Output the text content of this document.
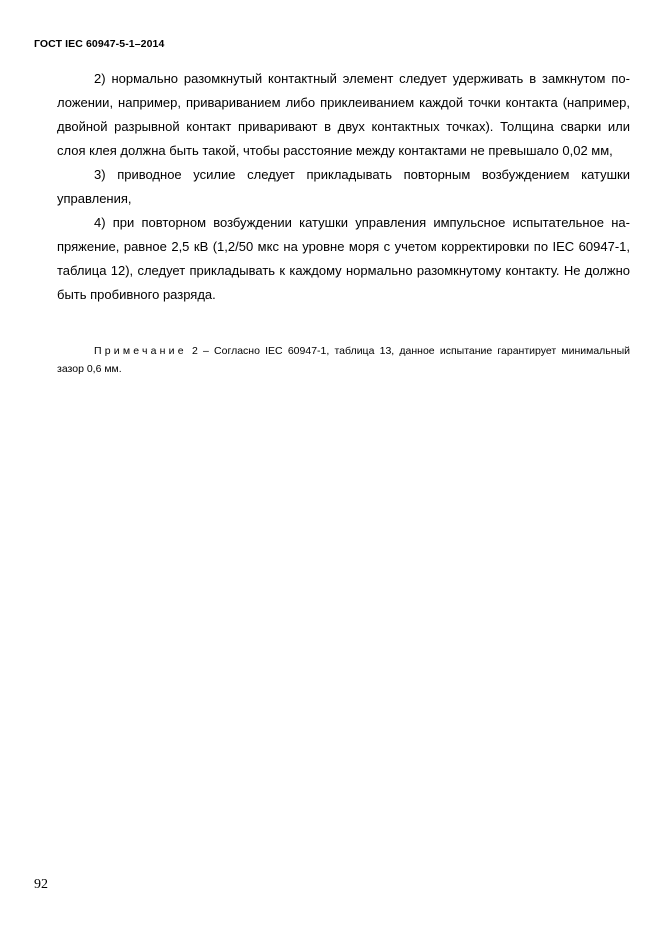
ГОСТ IEC 60947-5-1–2014

2) нормально разомкнутый контактный элемент следует удерживать в замкнутом положении, например, привариванием либо приклеиванием каждой точки контакта (например, двойной разрывной контакт приваривают в двух контактных точках). Толщина сварки или слоя клея должна быть такой, чтобы расстояние между контактами не превышало 0,02 мм,

3) приводное усилие следует прикладывать повторным возбуждением катушки управления,

4) при повторном возбуждении катушки управления импульсное испытательное напряжение, равное 2,5 кВ (1,2/50 мкс на уровне моря с учетом корректировки по IEC 60947-1, таблица 12), следует прикладывать к каждому нормально разомкнутому контакту. Не должно быть пробивного разряда.

Примечание 2 – Согласно IEC 60947-1, таблица 13, данное испытание гарантирует минимальный зазор 0,6 мм.

92
